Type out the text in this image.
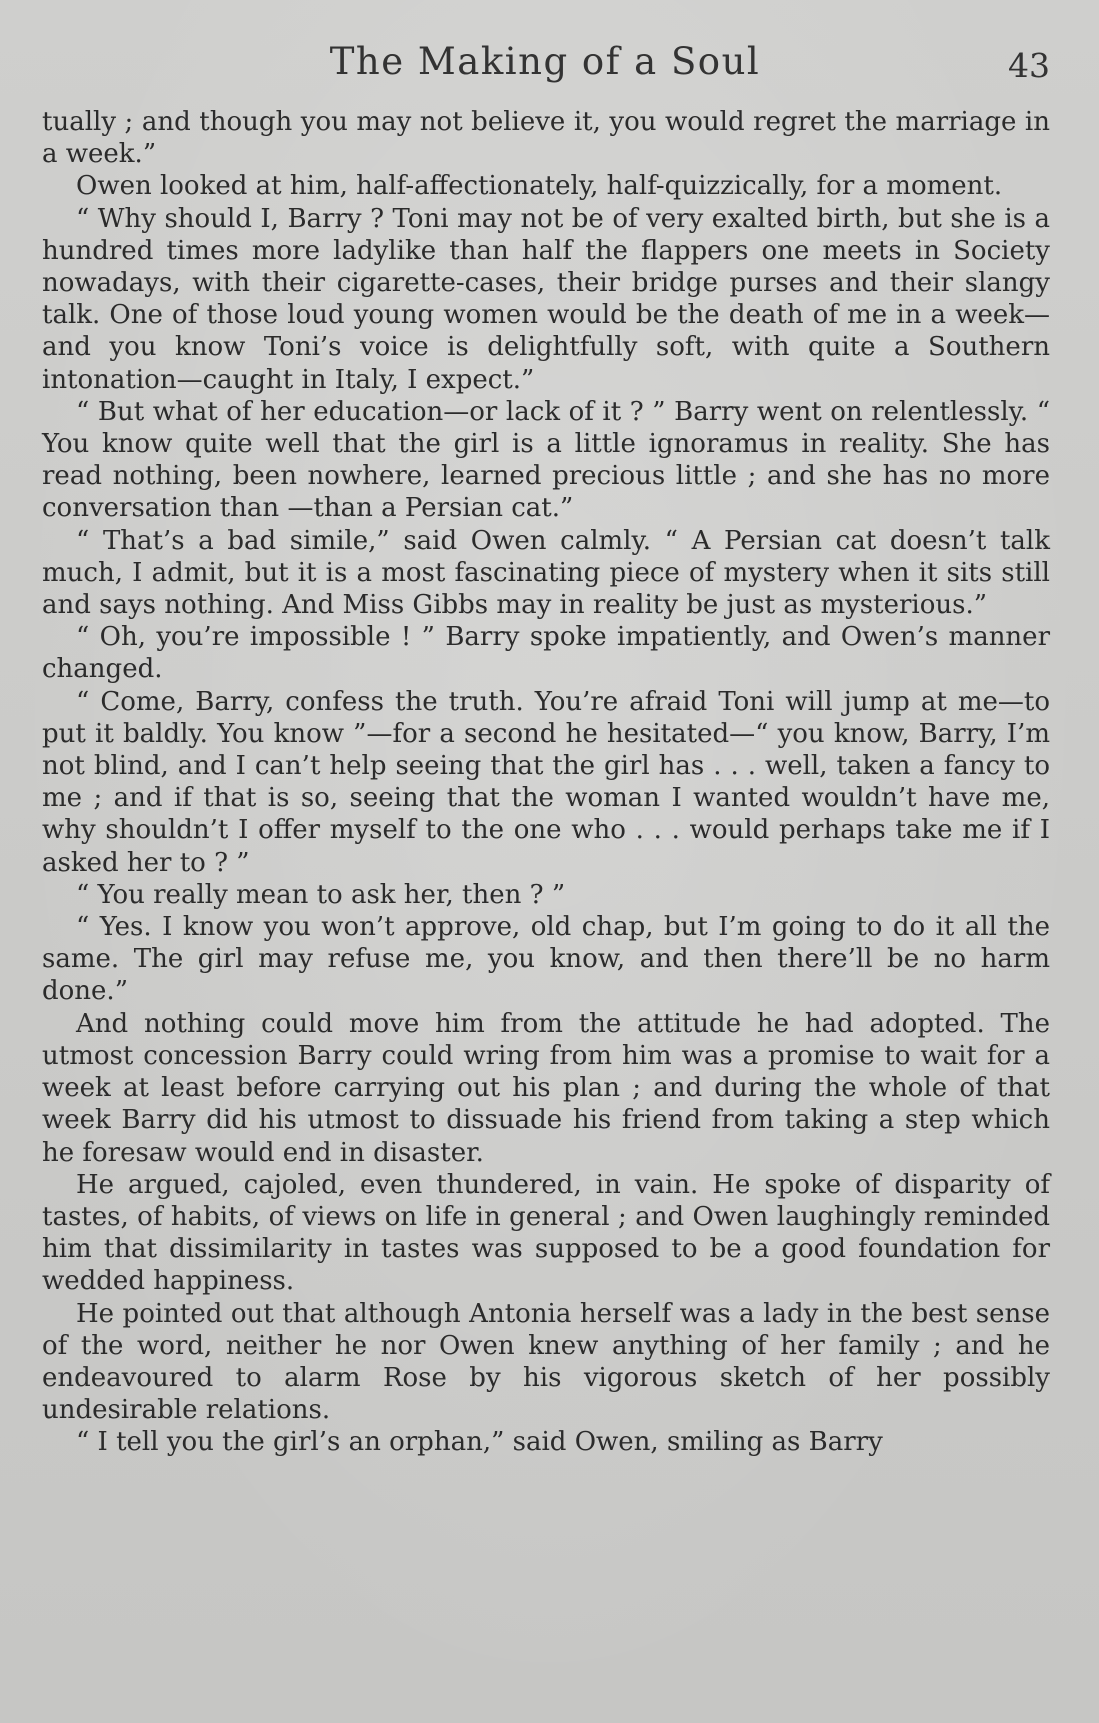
The Making of a Soul	43

tually ; and though you may not believe it, you would regret the marriage in a week.”

Owen looked at him, half-affectionately, half-quizzically, for a moment.

“ Why should I, Barry ? Toni may not be of very exalted birth, but she is a hundred times more ladylike than half the flappers one meets in Society nowadays, with their cigarette-cases, their bridge purses and their slangy talk. One of those loud young women would be the death of me in a week—and you know Toni’s voice is delightfully soft, with quite a Southern intonation—caught in Italy, I expect.”

“ But what of her education—or lack of it ? ” Barry went on relentlessly. “ You know quite well that the girl is a little ignoramus in reality. She has read nothing, been nowhere, learned precious little ; and she has no more conversation than —than a Persian cat.”

“ That’s a bad simile,” said Owen calmly. “ A Persian cat doesn’t talk much, I admit, but it is a most fascinating piece of mystery when it sits still and says nothing. And Miss Gibbs may in reality be just as mysterious.”

“ Oh, you’re impossible ! ” Barry spoke impatiently, and Owen’s manner changed.

“ Come, Barry, confess the truth. You’re afraid Toni will jump at me—to put it baldly. You know ”—for a second he hesitated—“ you know, Barry, I’m not blind, and I can’t help seeing that the girl has . . . well, taken a fancy to me ; and if that is so, seeing that the woman I wanted wouldn’t have me, why shouldn’t I offer myself to the one who . . . would perhaps take me if I asked her to ? ”

“ You really mean to ask her, then ? ”

“ Yes. I know you won’t approve, old chap, but I’m going to do it all the same. The girl may refuse me, you know, and then there’ll be no harm done.”

And nothing could move him from the attitude he had adopted. The utmost concession Barry could wring from him was a promise to wait for a week at least before carrying out his plan ; and during the whole of that week Barry did his utmost to dissuade his friend from taking a step which he foresaw would end in disaster.

He argued, cajoled, even thundered, in vain. He spoke of disparity of tastes, of habits, of views on life in general ; and Owen laughingly reminded him that dissimilarity in tastes was supposed to be a good foundation for wedded happiness.

He pointed out that although Antonia herself was a lady in the best sense of the word, neither he nor Owen knew anything of her family ; and he endeavoured to alarm Rose by his vigorous sketch of her possibly undesirable relations.

“ I tell you the girl’s an orphan,” said Owen, smiling as Barry
